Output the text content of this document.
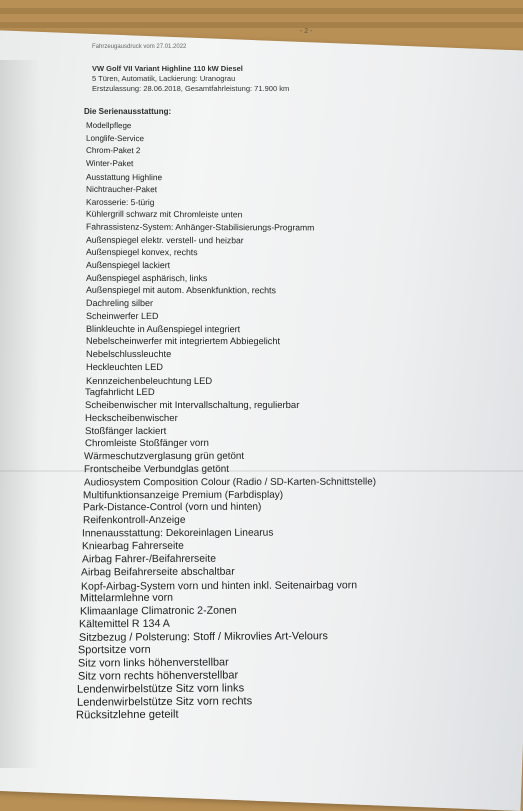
- 2 -
Fahrzeugausdruck vom 27.01.2022
VW Golf VII Variant Highline 110 kW Diesel
5 Türen, Automatik, Lackierung: Uranograu
Erstzulassung: 28.06.2018, Gesamtfahrleistung: 71.900 km
Die Serienausstattung:
Modellpflege
Longlife-Service
Chrom-Paket 2
Winter-Paket
Ausstattung Highline
Nichtraucher-Paket
Karosserie: 5-türig
Kühlergrill schwarz mit Chromleiste unten
Fahrassistenz-System: Anhänger-Stabilisierungs-Programm
Außenspiegel elektr. verstell- und heizbar
Außenspiegel konvex, rechts
Außenspiegel lackiert
Außenspiegel asphärisch, links
Außenspiegel mit autom. Absenkfunktion, rechts
Dachreling silber
Scheinwerfer LED
Blinkleuchte in Außenspiegel integriert
Nebelscheinwerfer mit integriertem Abbiegelicht
Nebelschlussleuchte
Heckleuchten LED
Kennzeichenbeleuchtung LED
Tagfahrlicht LED
Scheibenwischer mit Intervallschaltung, regulierbar
Heckscheibenwischer
Stoßfänger lackiert
Chromleiste Stoßfänger vorn
Wärmeschutzverglasung grün getönt
Frontscheibe Verbundglas getönt
Audiosystem Composition Colour (Radio / SD-Karten-Schnittstelle)
Multifunktionsanzeige Premium (Farbdisplay)
Park-Distance-Control (vorn und hinten)
Reifenkontroll-Anzeige
Innenausstattung: Dekoreinlagen Linearus
Kniearbag Fahrerseite
Airbag Fahrer-/Beifahrerseite
Airbag Beifahrerseite abschaltbar
Kopf-Airbag-System vorn und hinten inkl. Seitenairbag vorn
Mittelarmlehne vorn
Klimaanlage Climatronic 2-Zonen
Kältemittel R 134 A
Sitzbezug / Polsterung: Stoff / Mikrovlies Art-Velours
Sportsitze vorn
Sitz vorn links höhenverstellbar
Sitz vorn rechts höhenverstellbar
Lendenwirbelstütze Sitz vorn links
Lendenwirbelstütze Sitz vorn rechts
Rücksitzlehne geteilt
